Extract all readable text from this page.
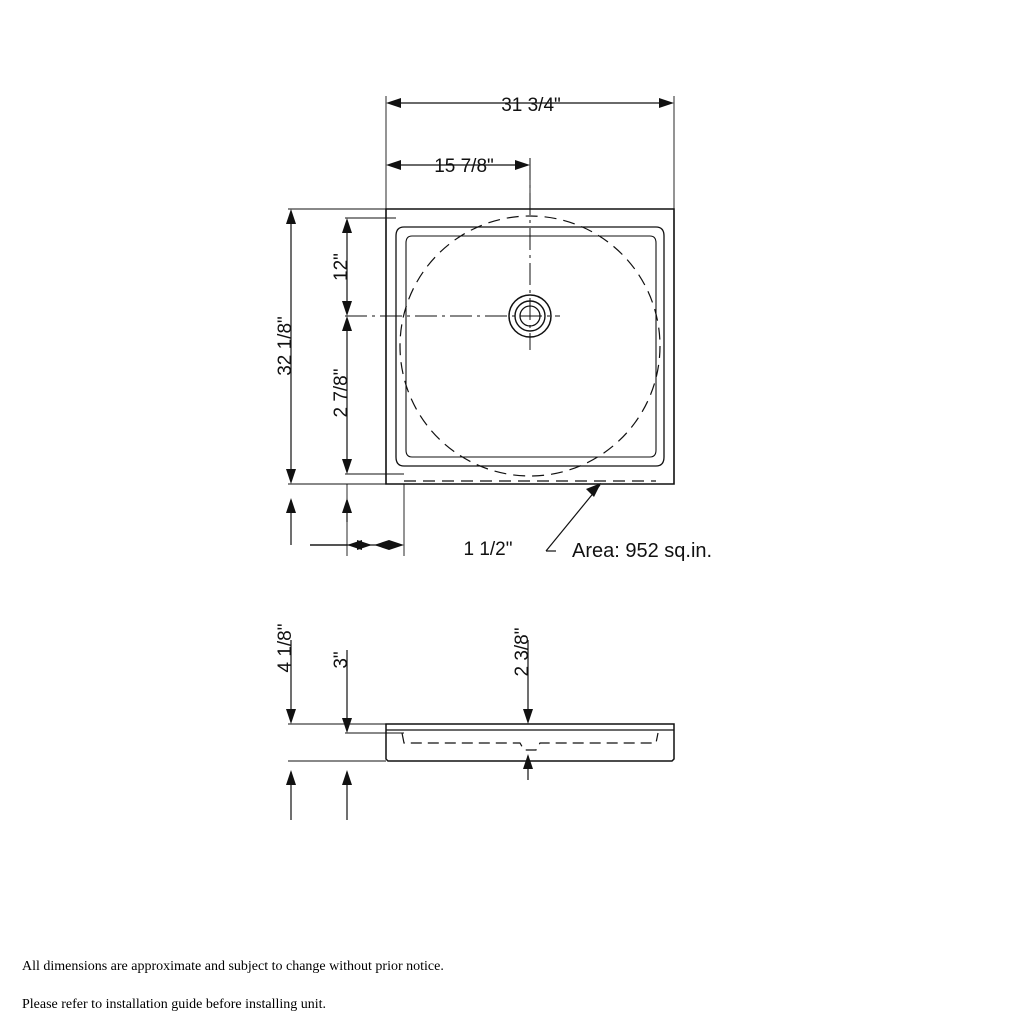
31 3/4"
15 7/8"
32 1/8"
12"
2 7/8"
1 1/2"	Area: 952 sq.in.
4 1/8" 3"	2 3/8"

All dimensions are approximate and subject to change without prior notice.

Please refer to installation guide before installing unit.
